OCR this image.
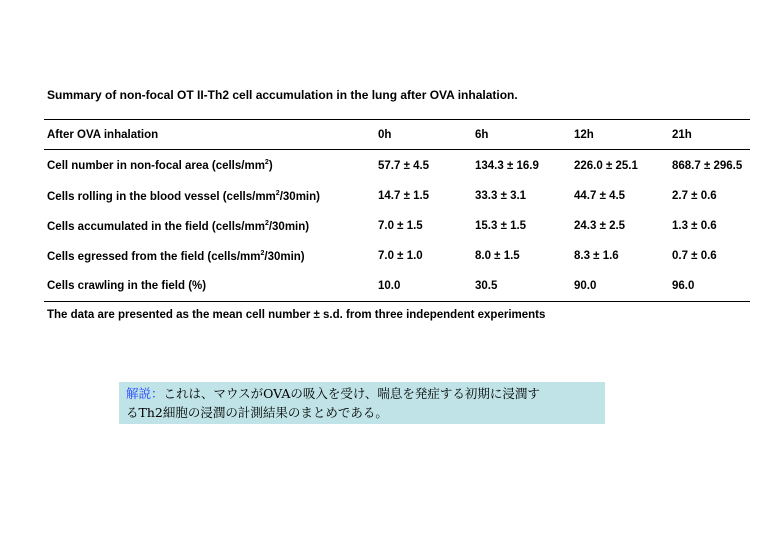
Summary of non-focal OT II-Th2 cell accumulation in the lung after OVA inhalation.
After OVA inhalation	0h	6h	12h	21h
Cell number in non-focal area $(cells/mm^2)$	57.7 ± 4.5	134.3 ± 16.9	226.0 ± 25.1	868.7 ± 296.5
Cells rolling in the blood vessel $(cells/mm^2/30\min)$	14.7 ± 1.5	33.3 ± 3.1	44.7 ± 4.5	2.7 ± 0.6
Cells accumulated in the field $(cells/mm^2/30\min)$	7.0 ± 1.5	15.3 ± 1.5	24.3 ± 2.5	1.3 ± 0.6
Cells egressed from the field $(cells/mm^2/30\min)$	7.0 ± 1.0	8.0 ± 1.5	8.3 ± 1.6	0.7 ± 0.6
Cells crawling in the field (%)	10.0	30.5	90.0	96.0
The data are presented as the mean cell number ± s.d. from three independent experiments
解説：これは、マウスがOVAの吸入を受け、喘息を発症する初期に浸潤す
るTh2細胞の浸潤の計測結果のまとめである。
